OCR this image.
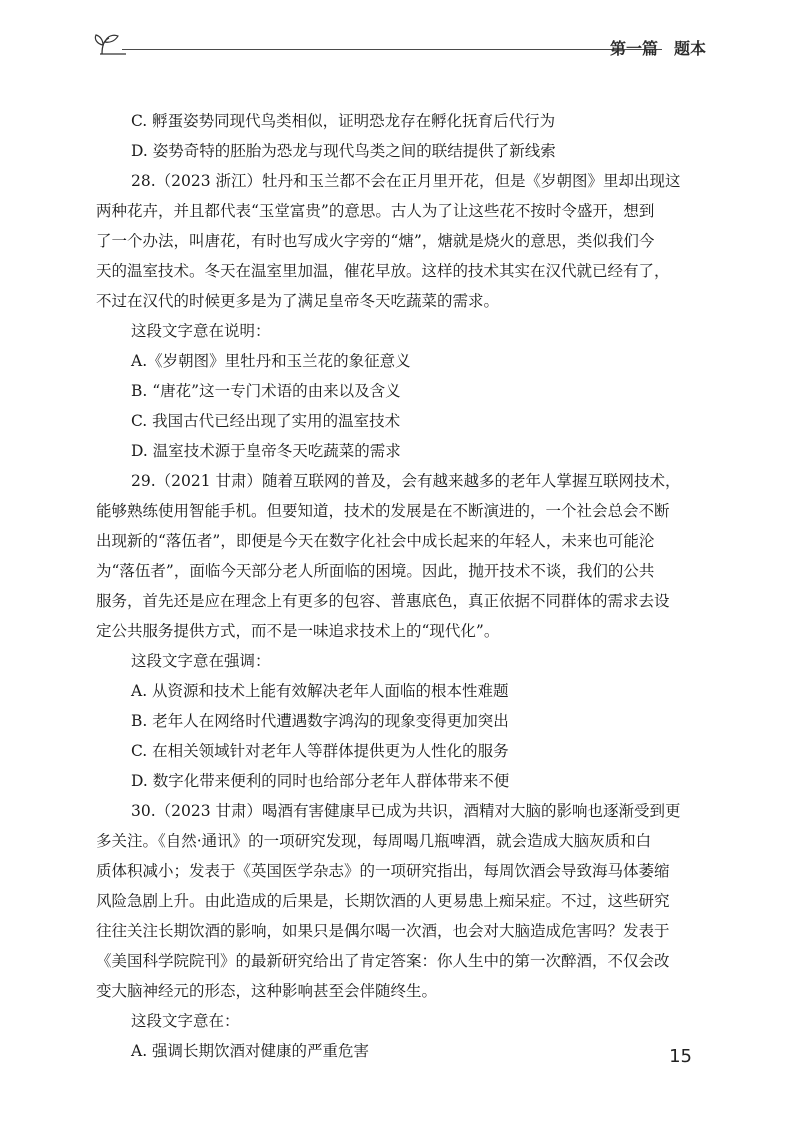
第一篇　题本

C. 孵蛋姿势同现代鸟类相似，证明恐龙存在孵化抚育后代行为

D. 姿势奇特的胚胎为恐龙与现代鸟类之间的联结提供了新线索

28.（2023 浙江）牡丹和玉兰都不会在正月里开花，但是《岁朝图》里却出现这
两种花卉，并且都代表“玉堂富贵”的意思。古人为了让这些花不按时令盛开，想到
了一个办法，叫唐花，有时也写成火字旁的“煻”，煻就是烧火的意思，类似我们今
天的温室技术。冬天在温室里加温，催花早放。这样的技术其实在汉代就已经有了，
不过在汉代的时候更多是为了满足皇帝冬天吃蔬菜的需求。

这段文字意在说明：

A.《岁朝图》里牡丹和玉兰花的象征意义

B. “唐花”这一专门术语的由来以及含义

C. 我国古代已经出现了实用的温室技术

D. 温室技术源于皇帝冬天吃蔬菜的需求

29.（2021 甘肃）随着互联网的普及，会有越来越多的老年人掌握互联网技术，
能够熟练使用智能手机。但要知道，技术的发展是在不断演进的，一个社会总会不断
出现新的“落伍者”，即便是今天在数字化社会中成长起来的年轻人，未来也可能沦
为“落伍者”，面临今天部分老人所面临的困境。因此，抛开技术不谈，我们的公共
服务，首先还是应在理念上有更多的包容、普惠底色，真正依据不同群体的需求去设
定公共服务提供方式，而不是一味追求技术上的“现代化”。

这段文字意在强调：

A. 从资源和技术上能有效解决老年人面临的根本性难题

B. 老年人在网络时代遭遇数字鸿沟的现象变得更加突出

C. 在相关领域针对老年人等群体提供更为人性化的服务

D. 数字化带来便利的同时也给部分老年人群体带来不便

30.（2023 甘肃）喝酒有害健康早已成为共识，酒精对大脑的影响也逐渐受到更
多关注。《自然·通讯》的一项研究发现，每周喝几瓶啤酒，就会造成大脑灰质和白
质体积减小；发表于《英国医学杂志》的一项研究指出，每周饮酒会导致海马体萎缩
风险急剧上升。由此造成的后果是，长期饮酒的人更易患上痴呆症。不过，这些研究
往往关注长期饮酒的影响，如果只是偶尔喝一次酒，也会对大脑造成危害吗？发表于
《美国科学院院刊》的最新研究给出了肯定答案：你人生中的第一次醉酒，不仅会改
变大脑神经元的形态，这种影响甚至会伴随终生。

这段文字意在：

A. 强调长期饮酒对健康的严重危害	15
